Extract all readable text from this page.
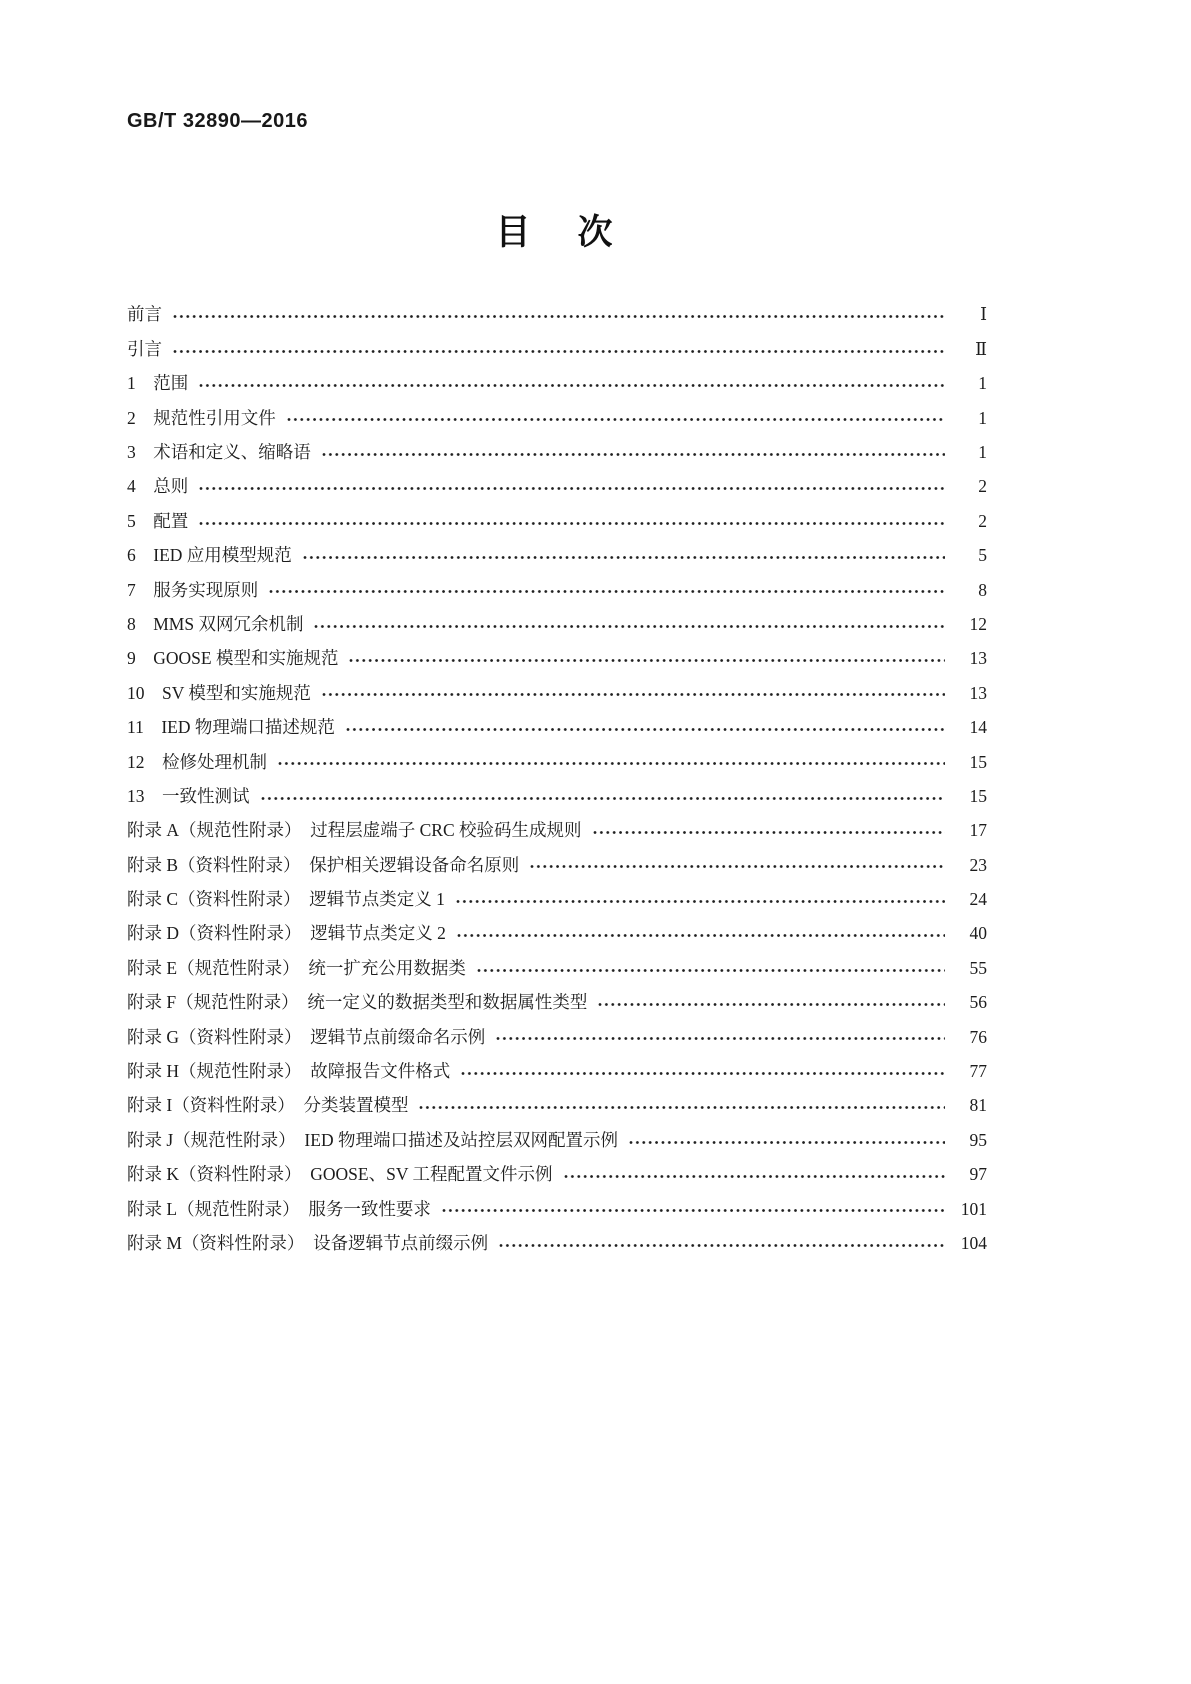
GB/T 32890—2016
目　次
前言	Ⅰ
引言	Ⅱ
1　范围	1
2　规范性引用文件	1
3　术语和定义、缩略语	1
4　总则	2
5　配置	2
6　IED 应用模型规范	5
7　服务实现原则	8
8　MMS 双网冗余机制	12
9　GOOSE 模型和实施规范	13
10　SV 模型和实施规范	13
11　IED 物理端口描述规范	14
12　检修处理机制	15
13　一致性测试	15
附录 A（规范性附录）　过程层虚端子 CRC 校验码生成规则	17
附录 B（资料性附录）　保护相关逻辑设备命名原则	23
附录 C（资料性附录）　逻辑节点类定义 1	24
附录 D（资料性附录）　逻辑节点类定义 2	40
附录 E（规范性附录）　统一扩充公用数据类	55
附录 F（规范性附录）　统一定义的数据类型和数据属性类型	56
附录 G（资料性附录）　逻辑节点前缀命名示例	76
附录 H（规范性附录）　故障报告文件格式	77
附录 I（资料性附录）　分类装置模型	81
附录 J（规范性附录）　IED 物理端口描述及站控层双网配置示例	95
附录 K（资料性附录）　GOOSE、SV 工程配置文件示例	97
附录 L（规范性附录）　服务一致性要求	101
附录 M（资料性附录）　设备逻辑节点前缀示例	104
